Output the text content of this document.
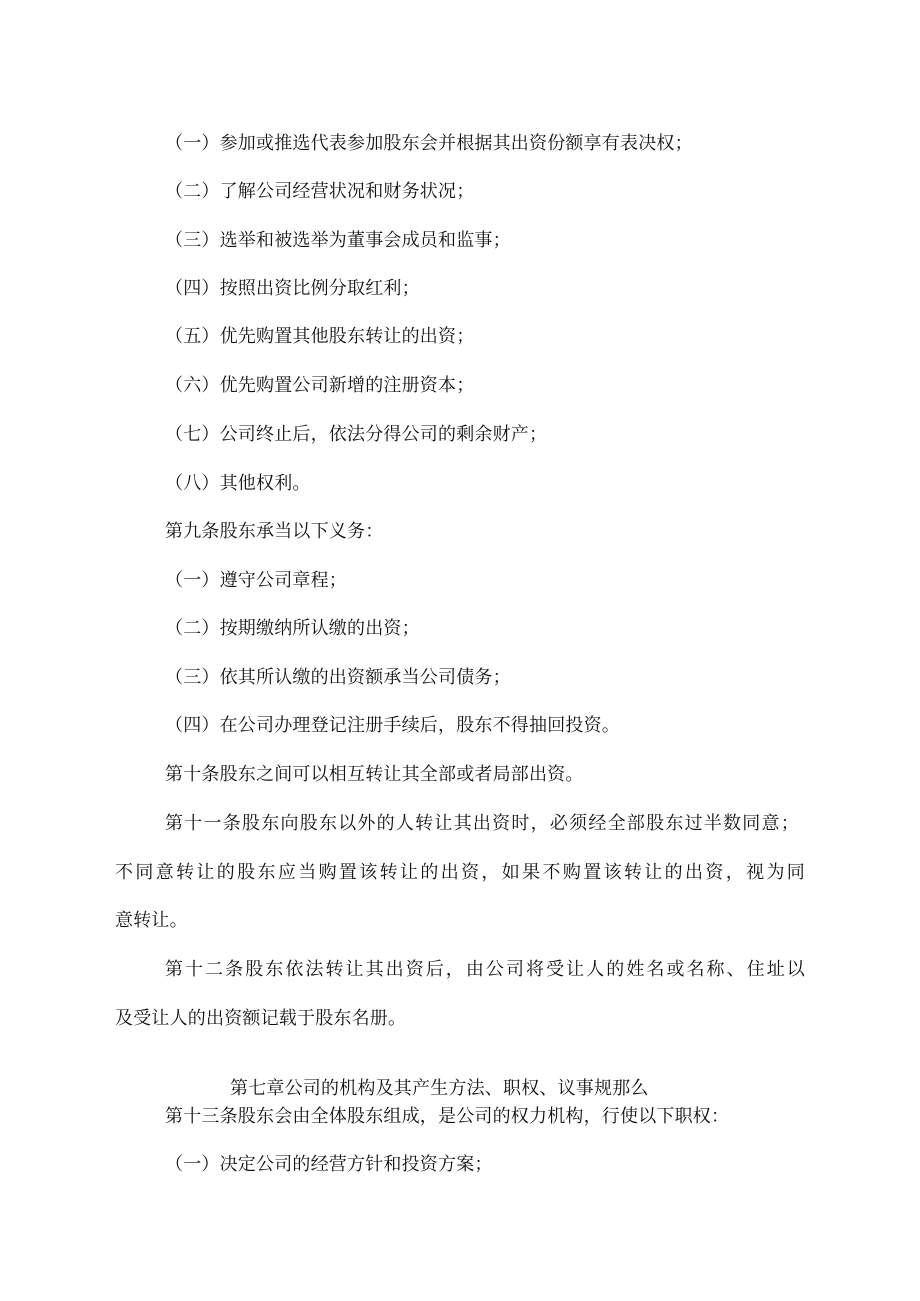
（一）参加或推选代表参加股东会并根据其出资份额享有表决权；
（二）了解公司经营状况和财务状况；
（三）选举和被选举为董事会成员和监事；
（四）按照出资比例分取红利；
（五）优先购置其他股东转让的出资；
（六）优先购置公司新增的注册资本；
（七）公司终止后，依法分得公司的剩余财产；
（八）其他权利。
第九条股东承当以下义务：
（一）遵守公司章程；
（二）按期缴纳所认缴的出资；
（三）依其所认缴的出资额承当公司债务；
（四）在公司办理登记注册手续后，股东不得抽回投资。
第十条股东之间可以相互转让其全部或者局部出资。
第十一条股东向股东以外的人转让其出资时，必须经全部股东过半数同意；
不同意转让的股东应当购置该转让的出资，如果不购置该转让的出资，视为同
意转让。
第十二条股东依法转让其出资后，由公司将受让人的姓名或名称、住址以
及受让人的出资额记载于股东名册。
第七章公司的机构及其产生方法、职权、议事规那么
第十三条股东会由全体股东组成，是公司的权力机构，行使以下职权：
（一）决定公司的经营方针和投资方案；
